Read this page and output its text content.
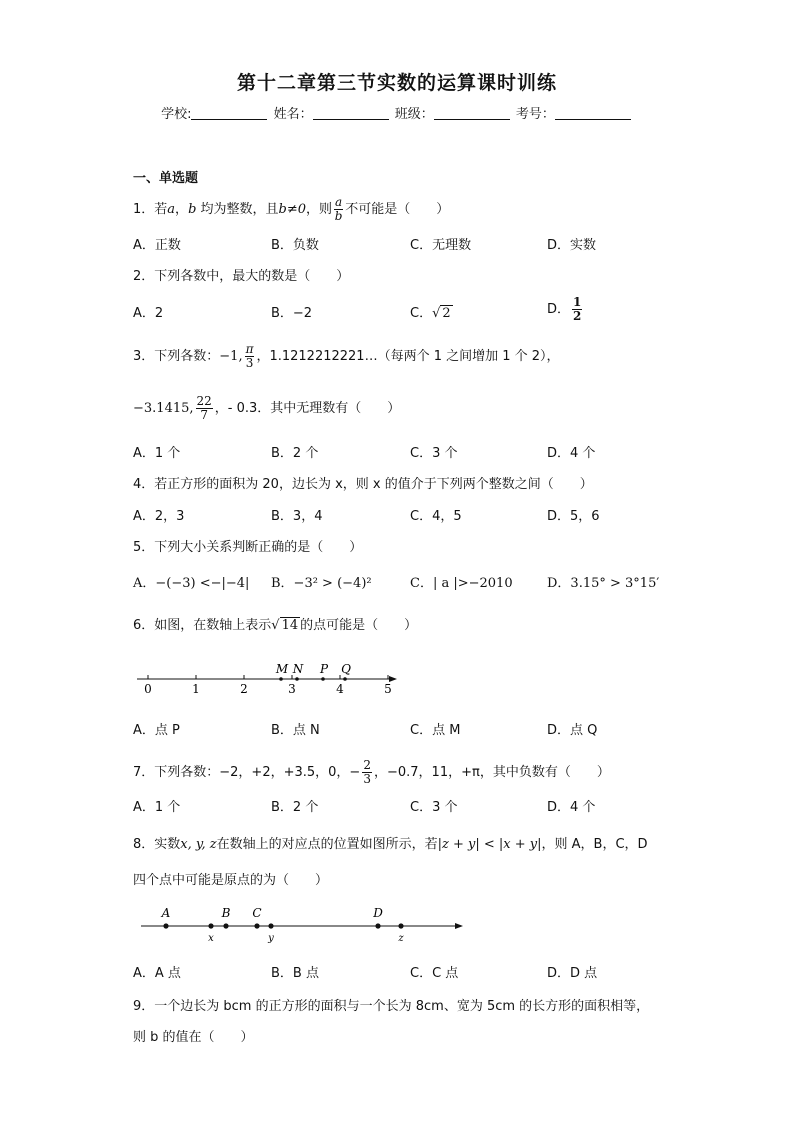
第十二章第三节实数的运算课时训练
学校:	姓名：	班级：	考号：
一、单选题
1．若a，b 均为整数，且b≠0，则 $\frac{a}{b}$ 不可能是（　　）
A．正数	B．负数	C．无理数	D．实数
2．下列各数中，最大的数是（　　）
A．2	B．−2	C．√ 2	D． $\frac{1}{2}$
3．下列各数：−1, $\frac{\pi}{3}$ ，1.1212212221…（每两个 1 之间增加 1 个 2），
−3.1415, $\frac{22}{7}$ ，- 0.3．其中无理数有（　　）
A．1 个	B．2 个	C．3 个	D．4 个
4．若正方形的面积为 20，边长为 x，则 x 的值介于下列两个整数之间（　　）
A．2，3	B．3，4	C．4，5	D．5，6
5．下列大小关系判断正确的是（　　）
A．−(−3) <−|−4| B．−3² > (−4)²	C．| a |>−2010	D．3.15° > 3°15′
6．如图，在数轴上表示√ 14 的点可能是（　　）
0	1	2	3	4	5
M N P Q
A．点 P	B．点 N	C．点 M	D．点 Q
7．下列各数：−2，+2，+3.5，0，− $\frac{2}{3}$ ，−0.7，11，+π，其中负数有（　　）
A．1 个	B．2 个	C．3 个	D．4 个
8．实数x, y, z在数轴上的对应点的位置如图所示，若|z + y| < |x + y|，则 A，B，C，D
四个点中可能是原点的为（　　）
A	B C	D
x	y	z
A．A 点	B．B 点	C．C 点	D．D 点
9．一个边长为 bcm 的正方形的面积与一个长为 8cm、宽为 5cm 的长方形的面积相等，
则 b 的值在（　　）
